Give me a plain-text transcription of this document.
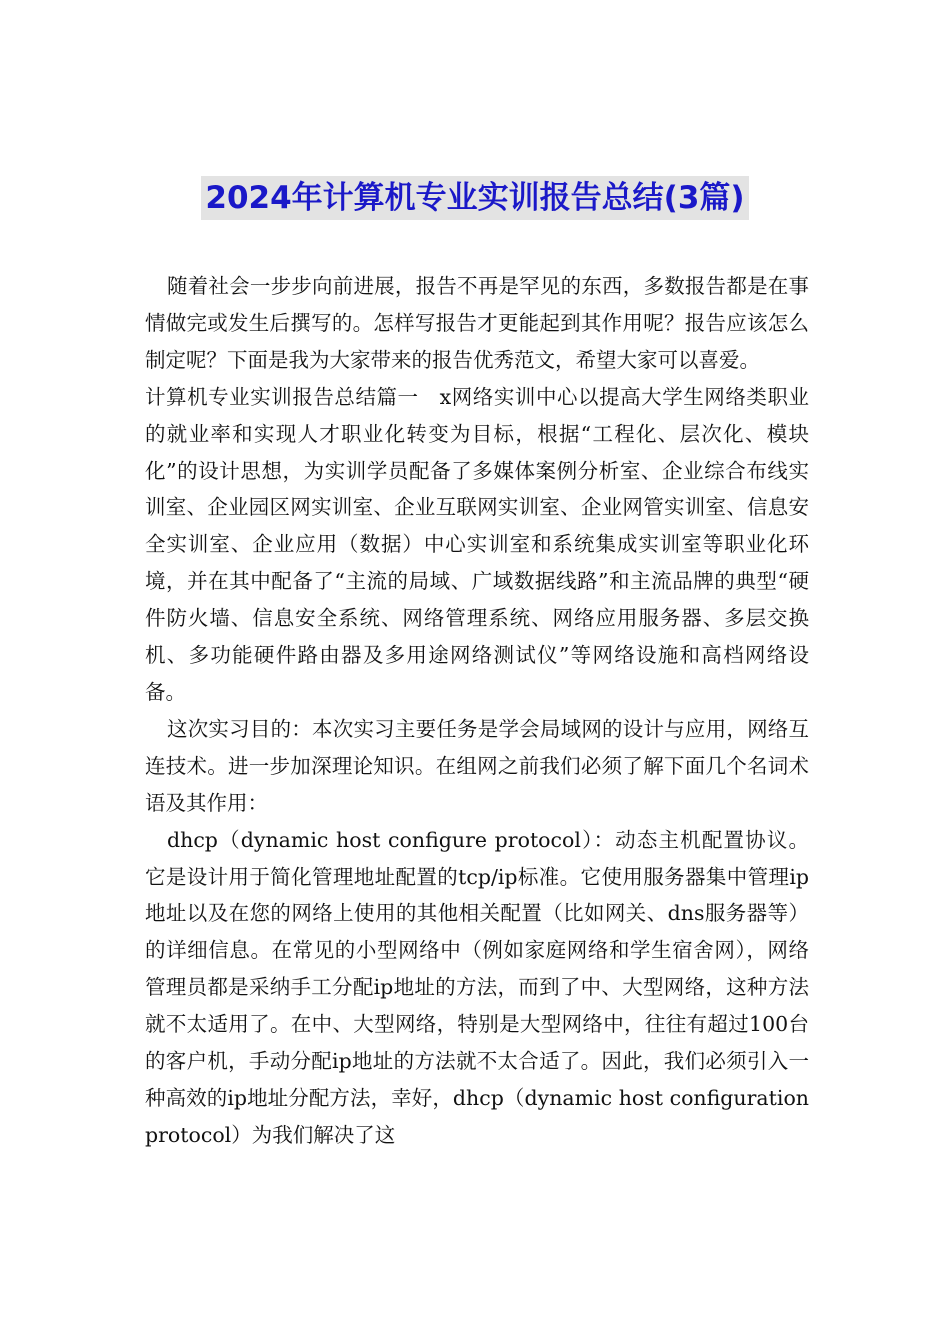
2024年计算机专业实训报告总结(3篇)

随着社会一步步向前进展，报告不再是罕见的东西，多数报告都是在事情做完或发生后撰写的。怎样写报告才更能起到其作用呢？报告应该怎么制定呢？下面是我为大家带来的报告优秀范文，希望大家可以喜爱。

计算机专业实训报告总结篇一　x网络实训中心以提高大学生网络类职业的就业率和实现人才职业化转变为目标，根据“工程化、层次化、模块化”的设计思想，为实训学员配备了多媒体案例分析室、企业综合布线实训室、企业园区网实训室、企业互联网实训室、企业网管实训室、信息安全实训室、企业应用（数据）中心实训室和系统集成实训室等职业化环境，并在其中配备了“主流的局域、广域数据线路”和主流品牌的典型“硬件防火墙、信息安全系统、网络管理系统、网络应用服务器、多层交换机、多功能硬件路由器及多用途网络测试仪”等网络设施和高档网络设备。

这次实习目的：本次实习主要任务是学会局域网的设计与应用，网络互连技术。进一步加深理论知识。在组网之前我们必须了解下面几个名词术语及其作用：

dhcp（dynamic host configure protocol）：动态主机配置协议。它是设计用于简化管理地址配置的tcp/ip标准。它使用服务器集中管理ip地址以及在您的网络上使用的其他相关配置（比如网关、dns服务器等）的详细信息。在常见的小型网络中（例如家庭网络和学生宿舍网），网络管理员都是采纳手工分配ip地址的方法，而到了中、大型网络，这种方法就不太适用了。在中、大型网络，特别是大型网络中，往往有超过100台的客户机，手动分配ip地址的方法就不太合适了。因此，我们必须引入一种高效的ip地址分配方法，幸好，dhcp（dynamic host configuration protocol）为我们解决了这
